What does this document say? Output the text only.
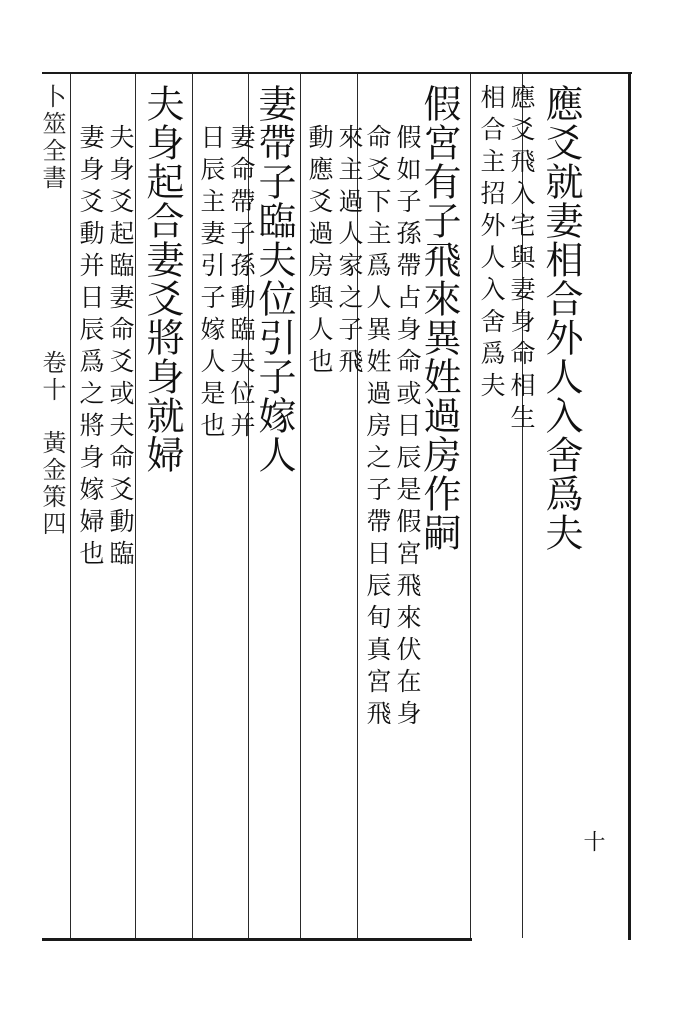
應爻就妻相合外人入舍爲夫
應爻飛入宅與妻身命相生
相合主招外人入舍爲夫
假宮有子飛來異姓過房作嗣
假如子孫帶占身命或日辰是假宮飛來伏在身
命爻下主爲人異姓過房之子帶日辰旬真宮飛
來主過人家之子飛
動應爻過房與人也
妻帶子臨夫位引子嫁人
妻命帶子孫動臨夫位并
日辰主妻引子嫁人是也
夫身起合妻爻將身就婦
夫身爻起臨妻命爻或夫命爻動臨
妻身爻動并日辰爲之將身嫁婦也
卜筮全書
卷十
黃金策四
十
